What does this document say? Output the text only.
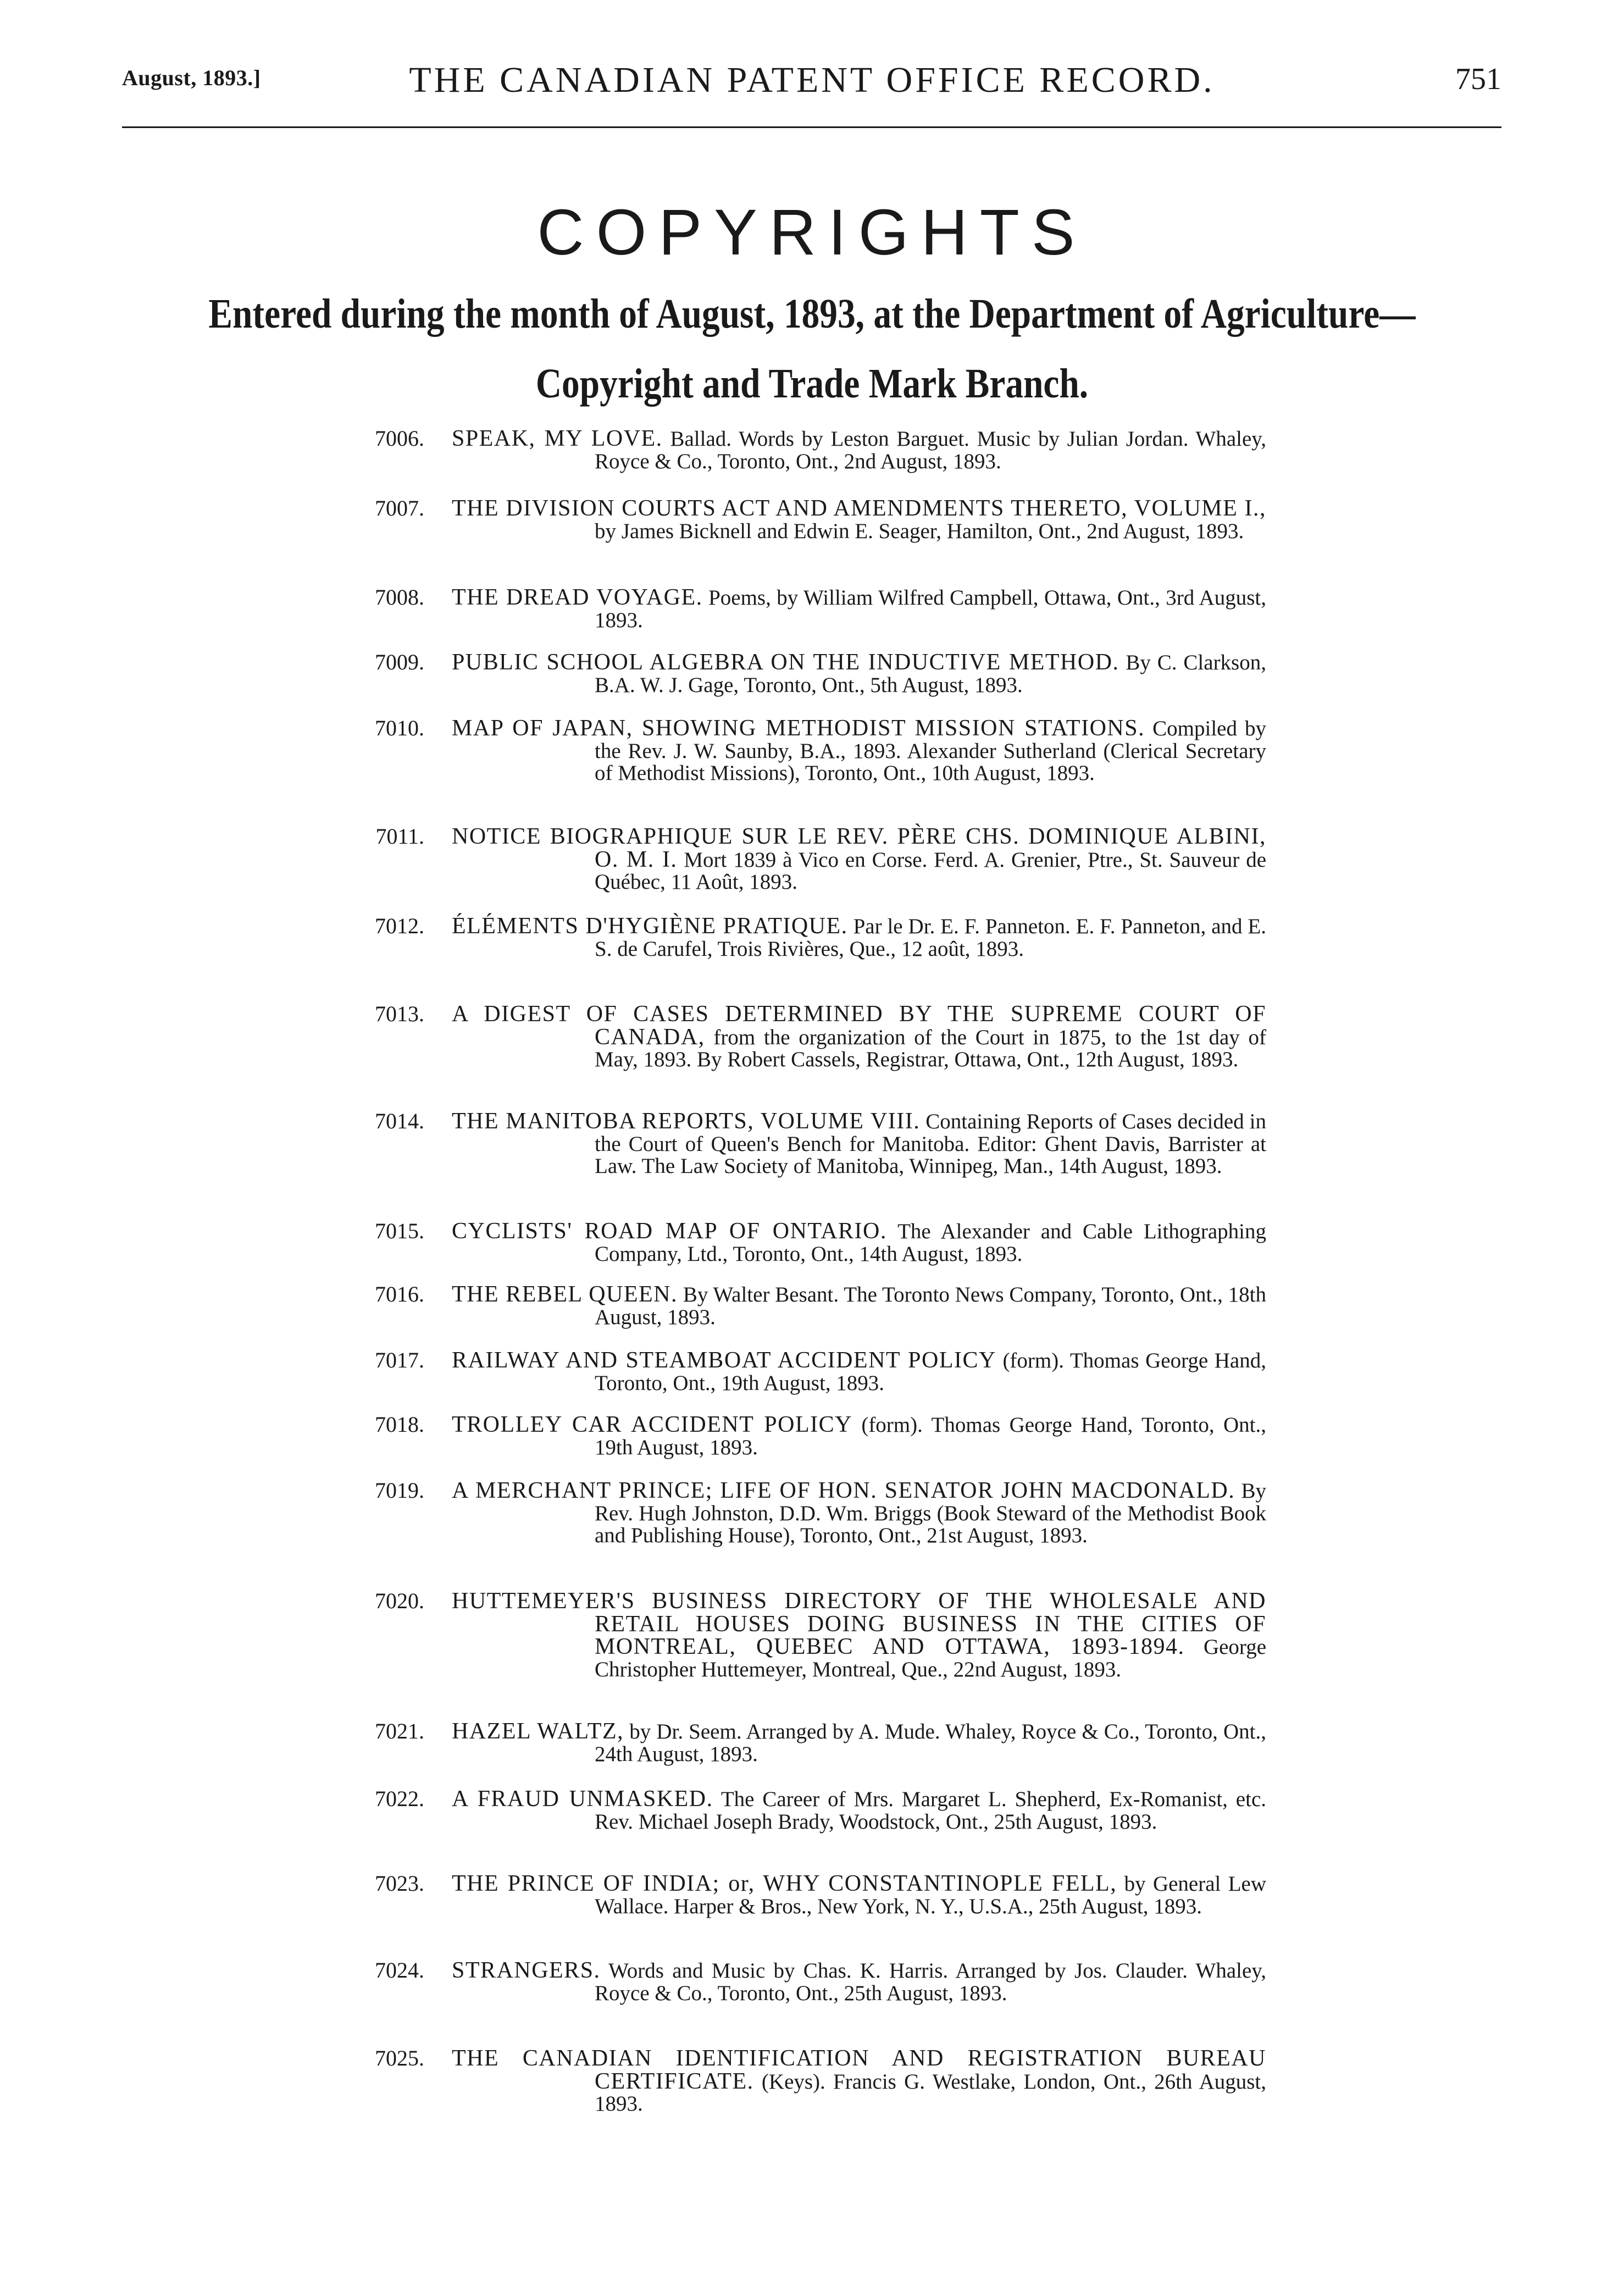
August, 1893.]	THE CANADIAN PATENT OFFICE RECORD.	751
COPYRIGHTS
Entered during the month of August, 1893, at the Department of Agriculture—
Copyright and Trade Mark Branch.
7006. SPEAK, MY LOVE. Ballad. Words by Leston Barguet. Music by Julian Jordan. Whaley, Royce & Co., Toronto, Ont., 2nd August, 1893.
7007. THE DIVISION COURTS ACT AND AMENDMENTS THERETO, VOLUME I., by James Bicknell and Edwin E. Seager, Hamilton, Ont., 2nd August, 1893.
7008. THE DREAD VOYAGE. Poems, by William Wilfred Campbell, Ottawa, Ont., 3rd August, 1893.
7009. PUBLIC SCHOOL ALGEBRA ON THE INDUCTIVE METHOD. By C. Clarkson, B.A. W. J. Gage, Toronto, Ont., 5th August, 1893.
7010. MAP OF JAPAN, SHOWING METHODIST MISSION STATIONS. Compiled by the Rev. J. W. Saunby, B.A., 1893. Alexander Sutherland (Clerical Secretary of Methodist Missions), Toronto, Ont., 10th August, 1893.
7011. NOTICE BIOGRAPHIQUE SUR LE REV. PÈRE CHS. DOMINIQUE ALBINI, O. M. I. Mort 1839 à Vico en Corse. Ferd. A. Grenier, Ptre., St. Sauveur de Québec, 11 Août, 1893.
7012. ÉLÉMENTS D'HYGIÈNE PRATIQUE. Par le Dr. E. F. Panneton. E. F. Panneton, and E. S. de Carufel, Trois Rivières, Que., 12 août, 1893.
7013. A DIGEST OF CASES DETERMINED BY THE SUPREME COURT OF CANADA, from the organization of the Court in 1875, to the 1st day of May, 1893. By Robert Cassels, Registrar, Ottawa, Ont., 12th August, 1893.
7014. THE MANITOBA REPORTS, VOLUME VIII. Containing Reports of Cases decided in the Court of Queen's Bench for Manitoba. Editor: Ghent Davis, Barrister at Law. The Law Society of Manitoba, Winnipeg, Man., 14th August, 1893.
7015. CYCLISTS' ROAD MAP OF ONTARIO. The Alexander and Cable Lithographing Company, Ltd., Toronto, Ont., 14th August, 1893.
7016. THE REBEL QUEEN. By Walter Besant. The Toronto News Company, Toronto, Ont., 18th August, 1893.
7017. RAILWAY AND STEAMBOAT ACCIDENT POLICY (form). Thomas George Hand, Toronto, Ont., 19th August, 1893.
7018. TROLLEY CAR ACCIDENT POLICY (form). Thomas George Hand, Toronto, Ont., 19th August, 1893.
7019. A MERCHANT PRINCE; LIFE OF HON. SENATOR JOHN MACDONALD. By Rev. Hugh Johnston, D.D. Wm. Briggs (Book Steward of the Methodist Book and Publishing House), Toronto, Ont., 21st August, 1893.
7020. HUTTEMEYER'S BUSINESS DIRECTORY OF THE WHOLESALE AND RETAIL HOUSES DOING BUSINESS IN THE CITIES OF MONTREAL, QUEBEC AND OTTAWA, 1893-1894. George Christopher Huttemeyer, Montreal, Que., 22nd August, 1893.
7021. HAZEL WALTZ, by Dr. Seem. Arranged by A. Mude. Whaley, Royce & Co., Toronto, Ont., 24th August, 1893.
7022. A FRAUD UNMASKED. The Career of Mrs. Margaret L. Shepherd, Ex-Romanist, etc. Rev. Michael Joseph Brady, Woodstock, Ont., 25th August, 1893.
7023. THE PRINCE OF INDIA; or, WHY CONSTANTINOPLE FELL, by General Lew Wallace. Harper & Bros., New York, N. Y., U.S.A., 25th August, 1893.
7024. STRANGERS. Words and Music by Chas. K. Harris. Arranged by Jos. Clauder. Whaley, Royce & Co., Toronto, Ont., 25th August, 1893.
7025. THE CANADIAN IDENTIFICATION AND REGISTRATION BUREAU CERTIFICATE. (Keys). Francis G. Westlake, London, Ont., 26th August, 1893.
